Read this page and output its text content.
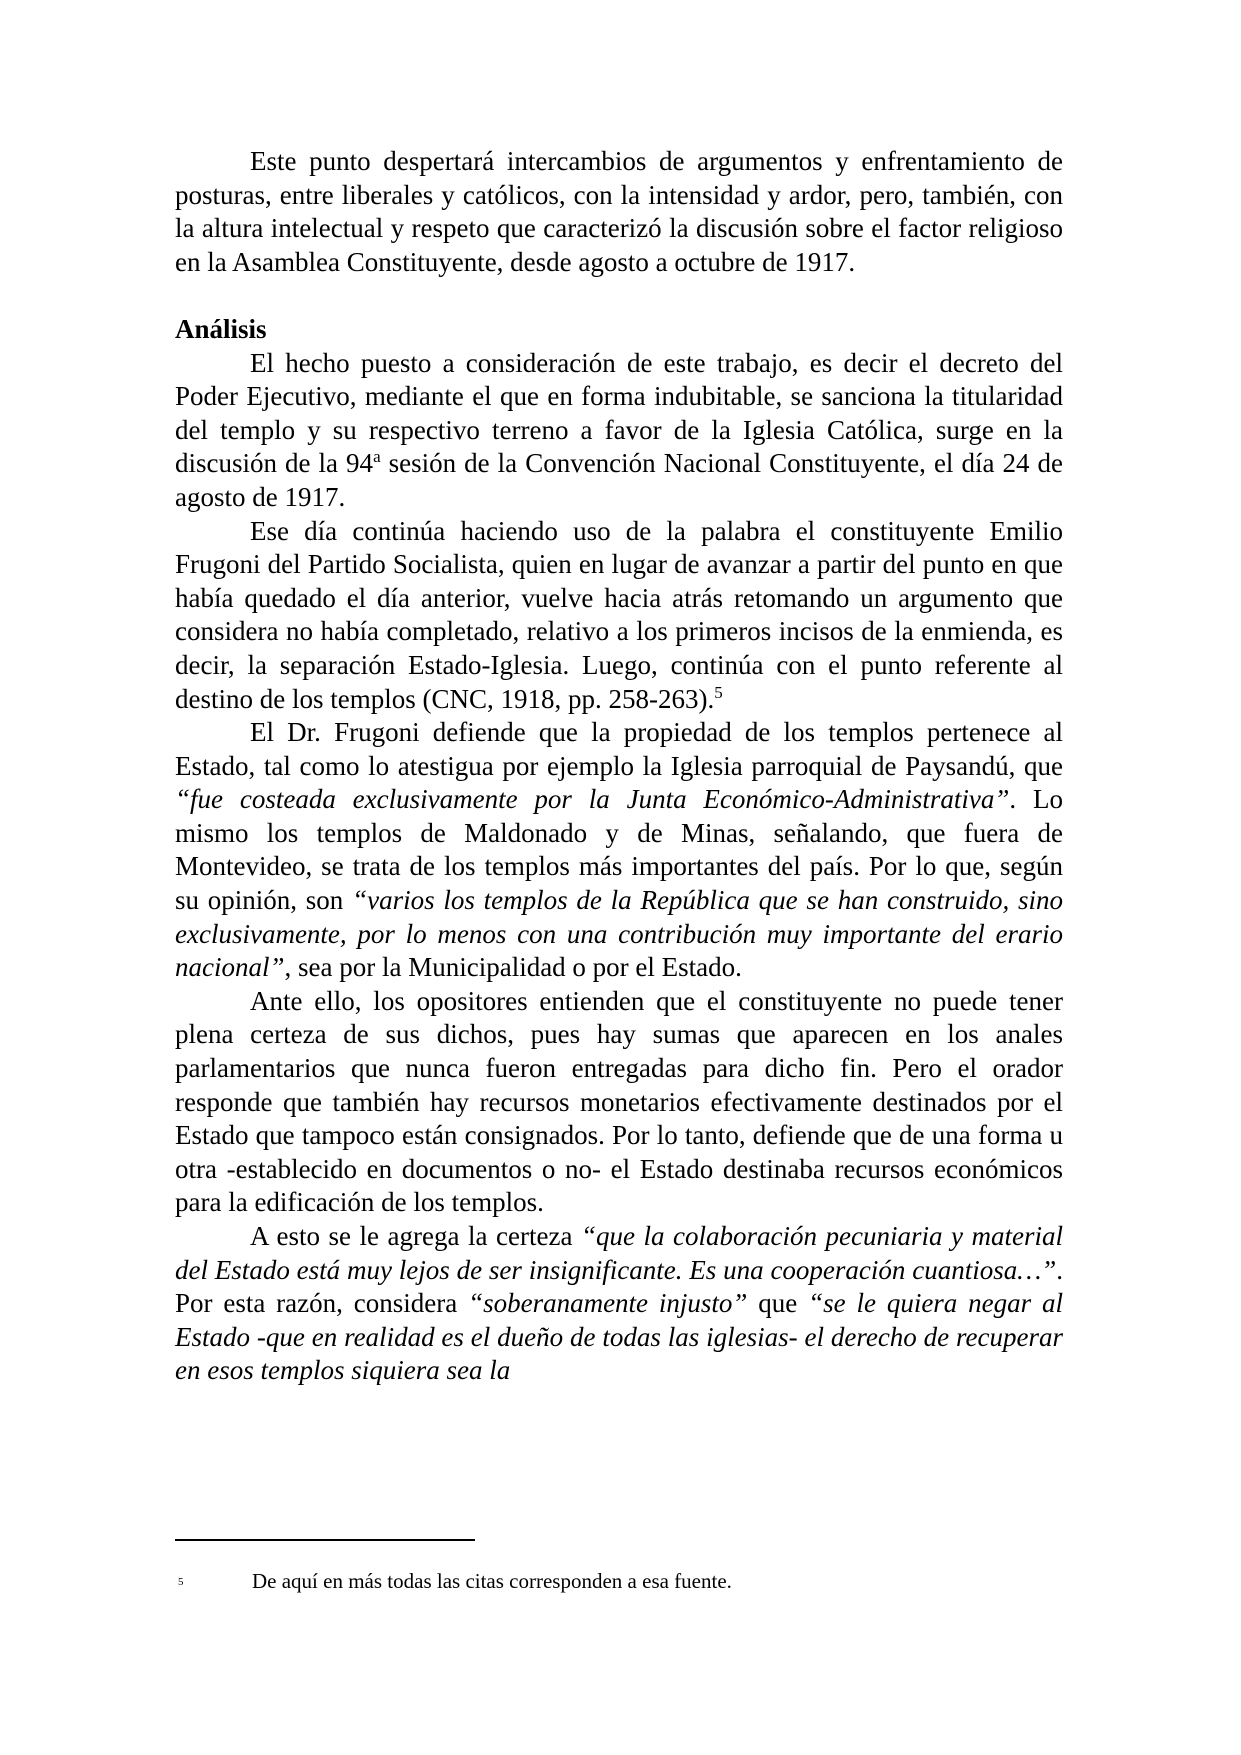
Este punto despertará intercambios de argumentos y enfrentamiento de posturas, entre liberales y católicos, con la intensidad y ardor, pero, también, con la altura intelectual y respeto que caracterizó la discusión sobre el factor religioso en la Asamblea Constituyente, desde agosto a octubre de 1917.

Análisis

El hecho puesto a consideración de este trabajo, es decir el decreto del Poder Ejecutivo, mediante el que en forma indubitable, se sanciona la titularidad del templo y su respectivo terreno a favor de la Iglesia Católica, surge en la discusión de la 94$^a$ sesión de la Convención Nacional Constituyente, el día 24 de agosto de 1917.

Ese día continúa haciendo uso de la palabra el constituyente Emilio Frugoni del Partido Socialista, quien en lugar de avanzar a partir del punto en que había quedado el día anterior, vuelve hacia atrás retomando un argumento que considera no había completado, relativo a los primeros incisos de la enmienda, es decir, la separación Estado-Iglesia. Luego, continúa con el punto referente al destino de los templos (CNC, 1918, pp. 258-263).$^5$

El Dr. Frugoni defiende que la propiedad de los templos pertenece al Estado, tal como lo atestigua por ejemplo la Iglesia parroquial de Paysandú, que “fue costeada exclusivamente por la Junta Económico-Administrativa”. Lo mismo los templos de Maldonado y de Minas, señalando, que fuera de Montevideo, se trata de los templos más importantes del país. Por lo que, según su opinión, son “varios los templos de la República que se han construido, sino exclusivamente, por lo menos con una contribución muy importante del erario nacional”, sea por la Municipalidad o por el Estado.

Ante ello, los opositores entienden que el constituyente no puede tener plena certeza de sus dichos, pues hay sumas que aparecen en los anales parlamentarios que nunca fueron entregadas para dicho fin. Pero el orador responde que también hay recursos monetarios efectivamente destinados por el Estado que tampoco están consignados. Por lo tanto, defiende que de una forma u otra -establecido en documentos o no- el Estado destinaba recursos económicos para la edificación de los templos.

A esto se le agrega la certeza “que la colaboración pecuniaria y material del Estado está muy lejos de ser insignificante. Es una cooperación cuantiosa…”. Por esta razón, considera “soberanamente injusto” que “se le quiera negar al Estado -que en realidad es el dueño de todas las iglesias- el derecho de recuperar en esos templos siquiera sea la

$^5$	De aquí en más todas las citas corresponden a esa fuente.
